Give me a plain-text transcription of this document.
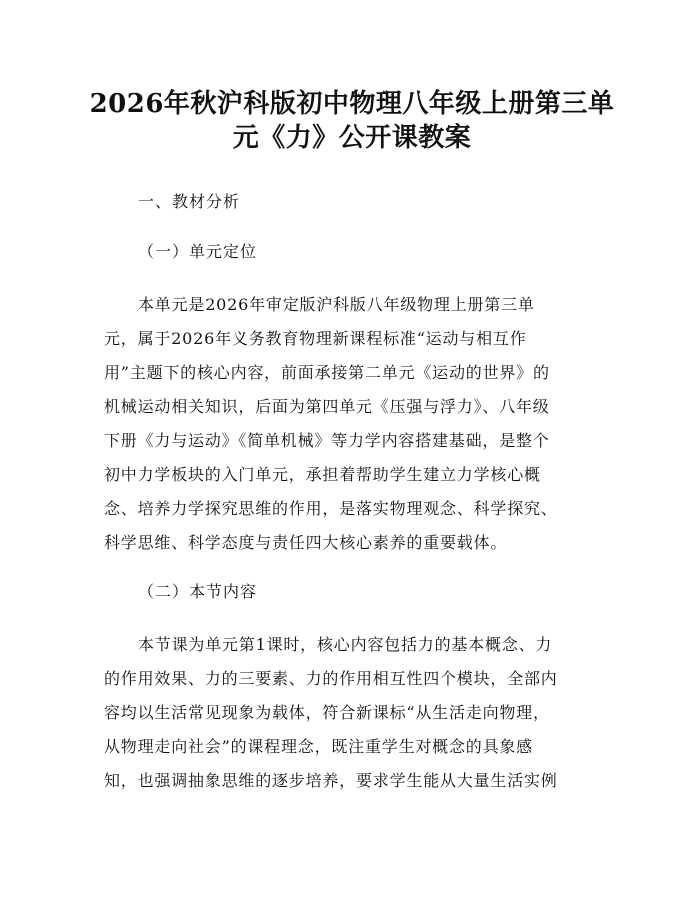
2026年秋沪科版初中物理八年级上册第三单
元《力》公开课教案
一、教材分析
（一）单元定位
本单元是2026年审定版沪科版八年级物理上册第三单
元，属于2026年义务教育物理新课程标准“运动与相互作
用”主题下的核心内容，前面承接第二单元《运动的世界》的
机械运动相关知识，后面为第四单元《压强与浮力》、八年级
下册《力与运动》《简单机械》等力学内容搭建基础，是整个
初中力学板块的入门单元，承担着帮助学生建立力学核心概
念、培养力学探究思维的作用，是落实物理观念、科学探究、
科学思维、科学态度与责任四大核心素养的重要载体。
（二）本节内容
本节课为单元第1课时，核心内容包括力的基本概念、力
的作用效果、力的三要素、力的作用相互性四个模块，全部内
容均以生活常见现象为载体，符合新课标“从生活走向物理，
从物理走向社会”的课程理念，既注重学生对概念的具象感
知，也强调抽象思维的逐步培养，要求学生能从大量生活实例
